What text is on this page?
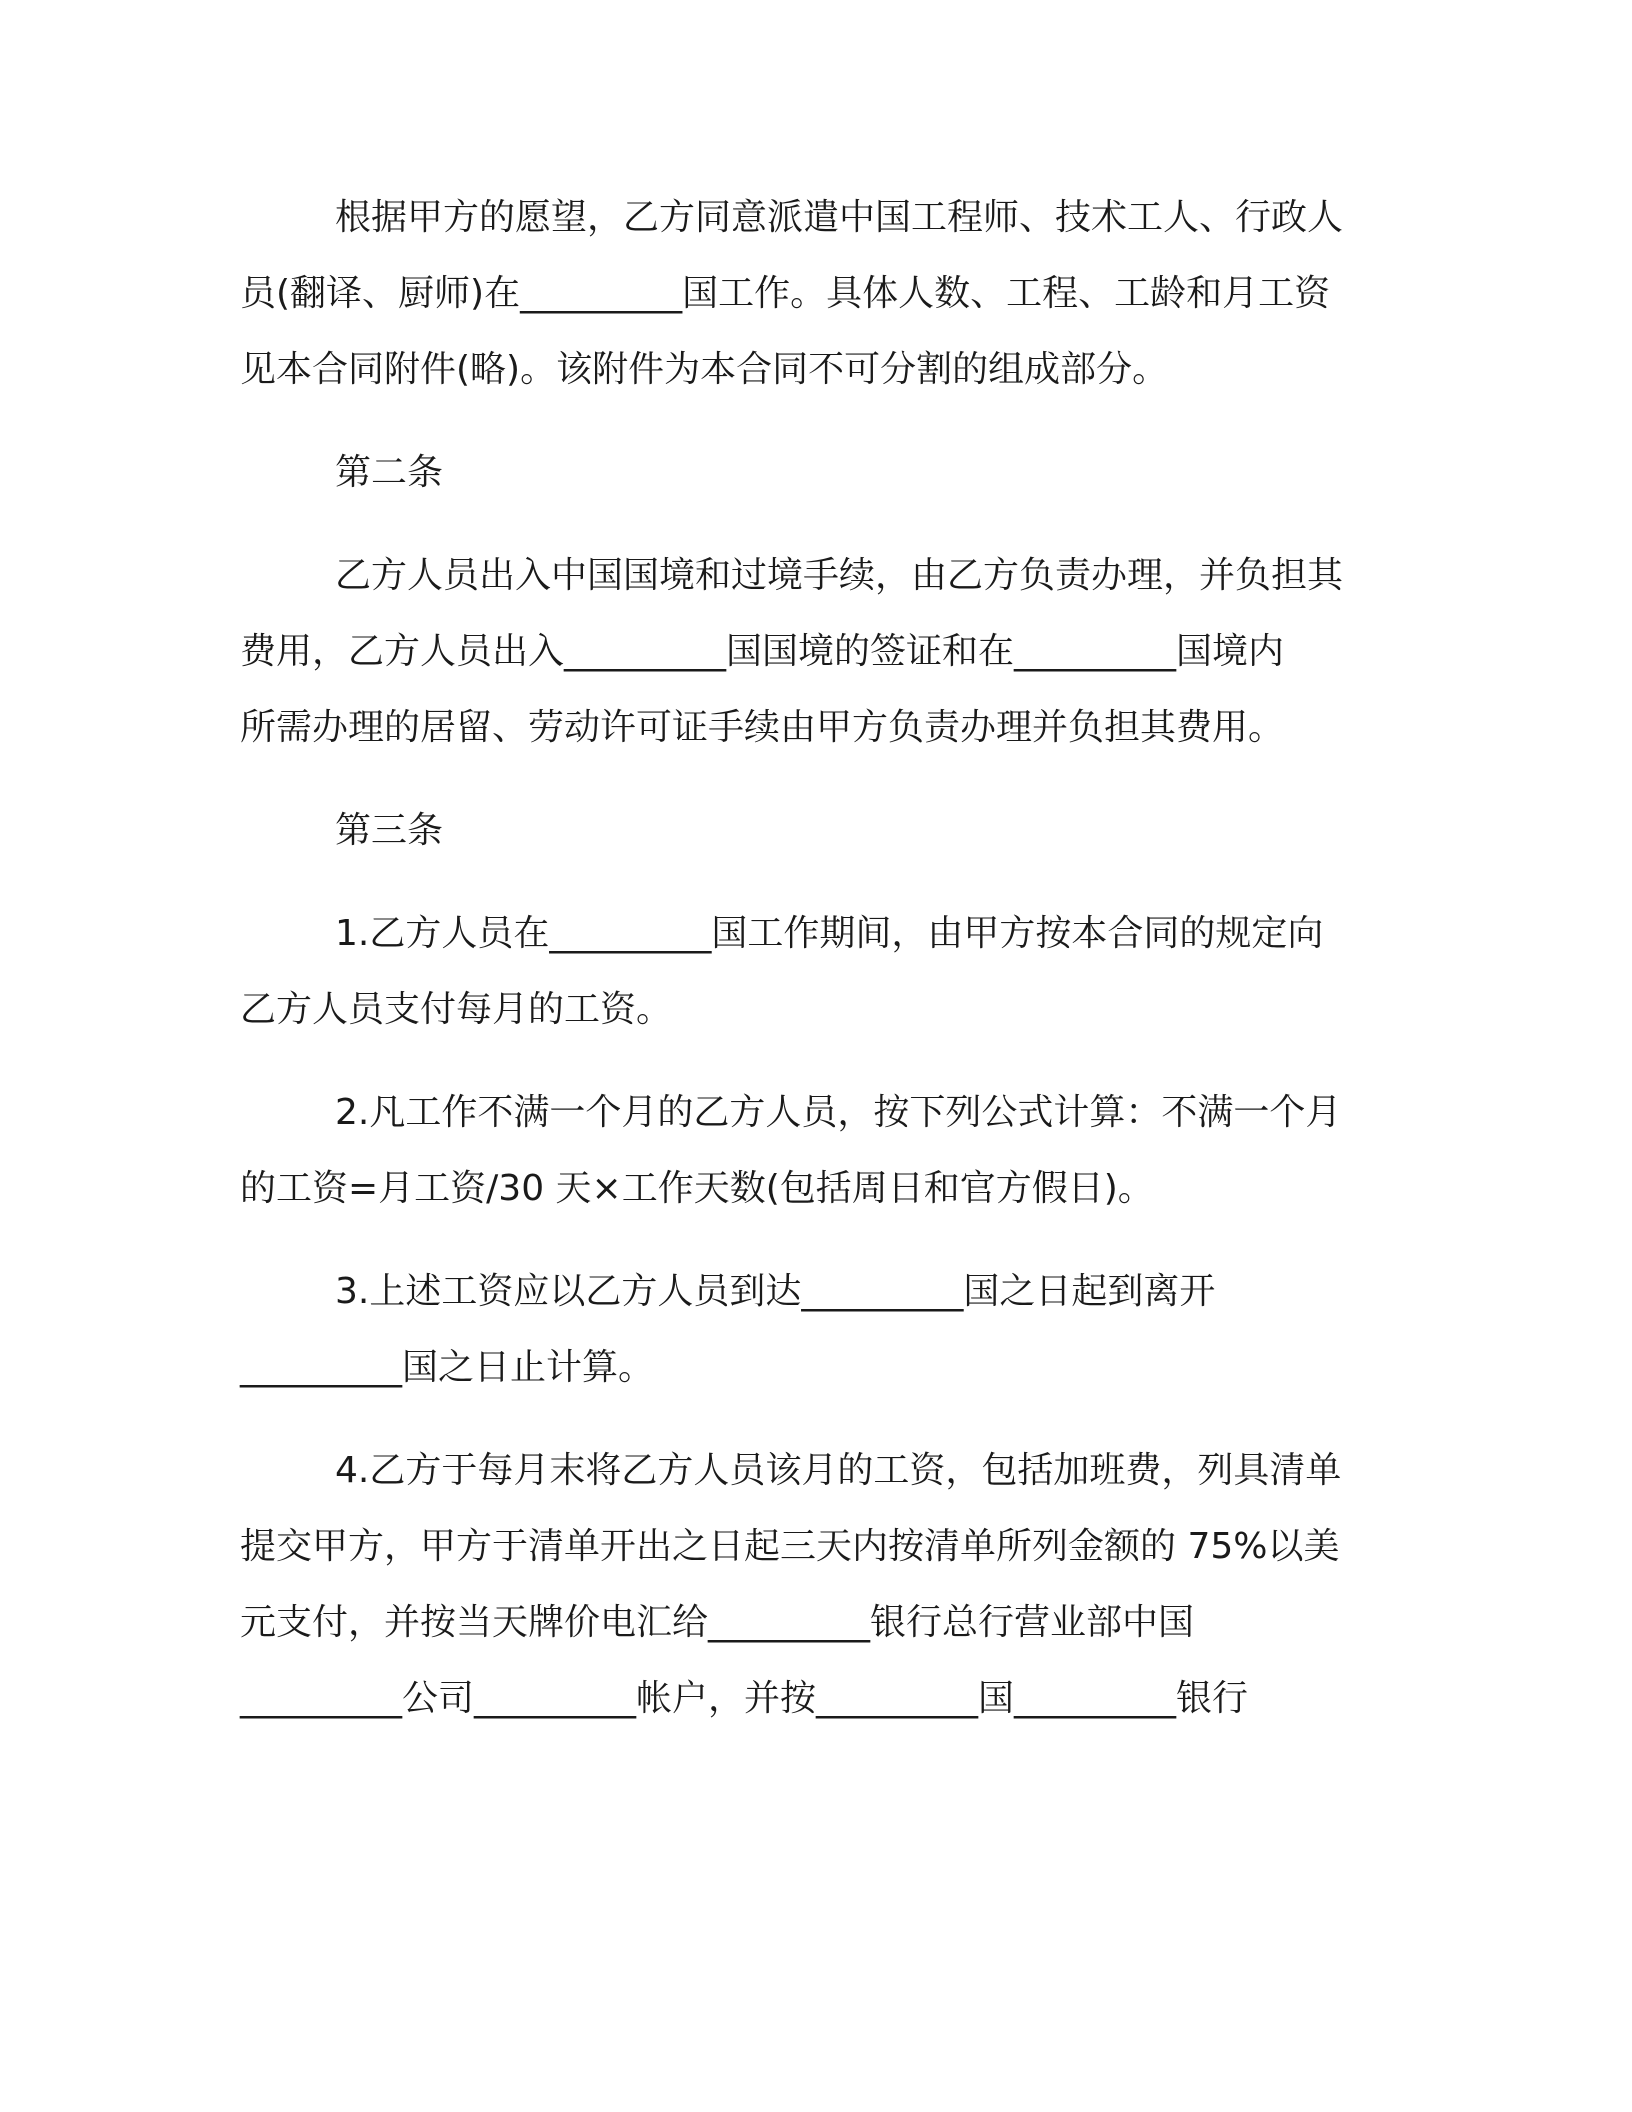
根据甲方的愿望，乙方同意派遣中国工程师、技术工人、行政人
员(翻译、厨师)在_________国工作。具体人数、工程、工龄和月工资
见本合同附件(略)。该附件为本合同不可分割的组成部分。
第二条
乙方人员出入中国国境和过境手续，由乙方负责办理，并负担其
费用，乙方人员出入_________国国境的签证和在_________国境内
所需办理的居留、劳动许可证手续由甲方负责办理并负担其费用。
第三条
1.乙方人员在_________国工作期间，由甲方按本合同的规定向
乙方人员支付每月的工资。
2.凡工作不满一个月的乙方人员，按下列公式计算：不满一个月
的工资=月工资/30 天×工作天数(包括周日和官方假日)。
3.上述工资应以乙方人员到达_________国之日起到离开
_________国之日止计算。
4.乙方于每月末将乙方人员该月的工资，包括加班费，列具清单
提交甲方，甲方于清单开出之日起三天内按清单所列金额的 75%以美
元支付，并按当天牌价电汇给_________银行总行营业部中国
_________公司_________帐户，并按_________国_________银行
